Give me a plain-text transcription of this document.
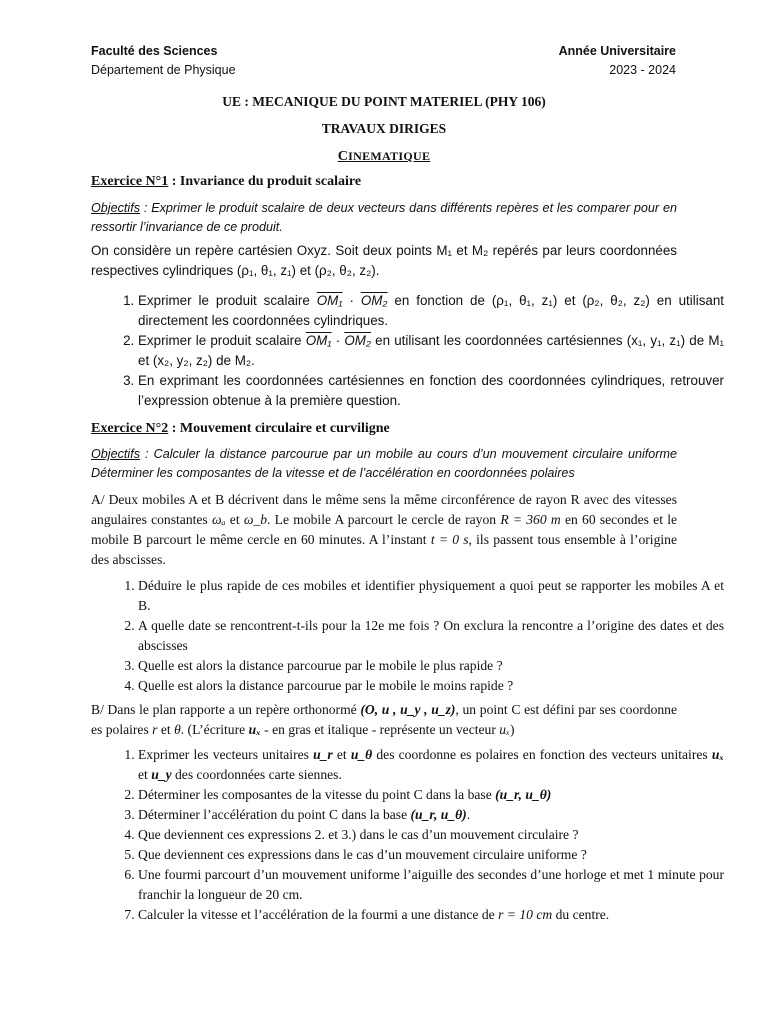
Faculté des Sciences
Département de Physique
Année Universitaire
2023 - 2024
UE : MECANIQUE DU POINT MATERIEL (PHY 106)
TRAVAUX DIRIGES
CINEMATIQUE
Exercice N°1 : Invariance du produit scalaire
Objectifs : Exprimer le produit scalaire de deux vecteurs dans différents repères et les comparer pour en ressortir l’invariance de ce produit.
On considère un repère cartésien Oxyz. Soit deux points M₁ et M₂ repérés par leurs coordonnées respectives cylindriques (ρ₁, θ₁, z₁) et (ρ₂, θ₂, z₂).
1. Exprimer le produit scalaire OM₁ · OM₂ en fonction de (ρ₁, θ₁, z₁) et (ρ₂, θ₂, z₂) en utilisant directement les coordonnées cylindriques.
2. Exprimer le produit scalaire OM₁ · OM₂ en utilisant les coordonnées cartésiennes (x₁, y₁, z₁) de M₁ et (x₂, y₂, z₂) de M₂.
3. En exprimant les coordonnées cartésiennes en fonction des coordonnées cylindriques, retrouver l’expression obtenue à la première question.
Exercice N°2 : Mouvement circulaire et curviligne
Objectifs : Calculer la distance parcourue par un mobile au cours d’un mouvement circulaire uniforme Déterminer les composantes de la vitesse et de l’accélération en coordonnées polaires
A/ Deux mobiles A et B décrivent dans le même sens la même circonférence de rayon R avec des vitesses angulaires constantes ωₐ et ω_b. Le mobile A parcourt le cercle de rayon R = 360 m en 60 secondes et le mobile B parcourt le même cercle en 60 minutes. A l’instant t = 0 s, ils passent tous ensemble à l’origine des abscisses.
1. Déduire le plus rapide de ces mobiles et identifier physiquement a quoi peut se rapporter les mobiles A et B.
2. A quelle date se rencontrent-t-ils pour la 12e me fois ? On exclura la rencontre a l’origine des dates et des abscisses
3. Quelle est alors la distance parcourue par le mobile le plus rapide ?
4. Quelle est alors la distance parcourue par le mobile le moins rapide ?
B/ Dans le plan rapporte a un repère orthonormé (O, u , u_y , u_z), un point C est défini par ses coordonne es polaires r et θ. (L’écriture uₓ - en gras et italique - représente un vecteur uₓ)
1. Exprimer les vecteurs unitaires u_r et u_θ des coordonne es polaires en fonction des vecteurs unitaires uₓ et u_y des coordonnées carte siennes.
2. Déterminer les composantes de la vitesse du point C dans la base (u_r, u_θ)
3. Déterminer l’accélération du point C dans la base (u_r, u_θ).
4. Que deviennent ces expressions 2. et 3.) dans le cas d’un mouvement circulaire ?
5. Que deviennent ces expressions dans le cas d’un mouvement circulaire uniforme ?
6. Une fourmi parcourt d’un mouvement uniforme l’aiguille des secondes d’une horloge et met 1 minute pour franchir la longueur de 20 cm.
7. Calculer la vitesse et l’accélération de la fourmi a une distance de r = 10 cm du centre.
